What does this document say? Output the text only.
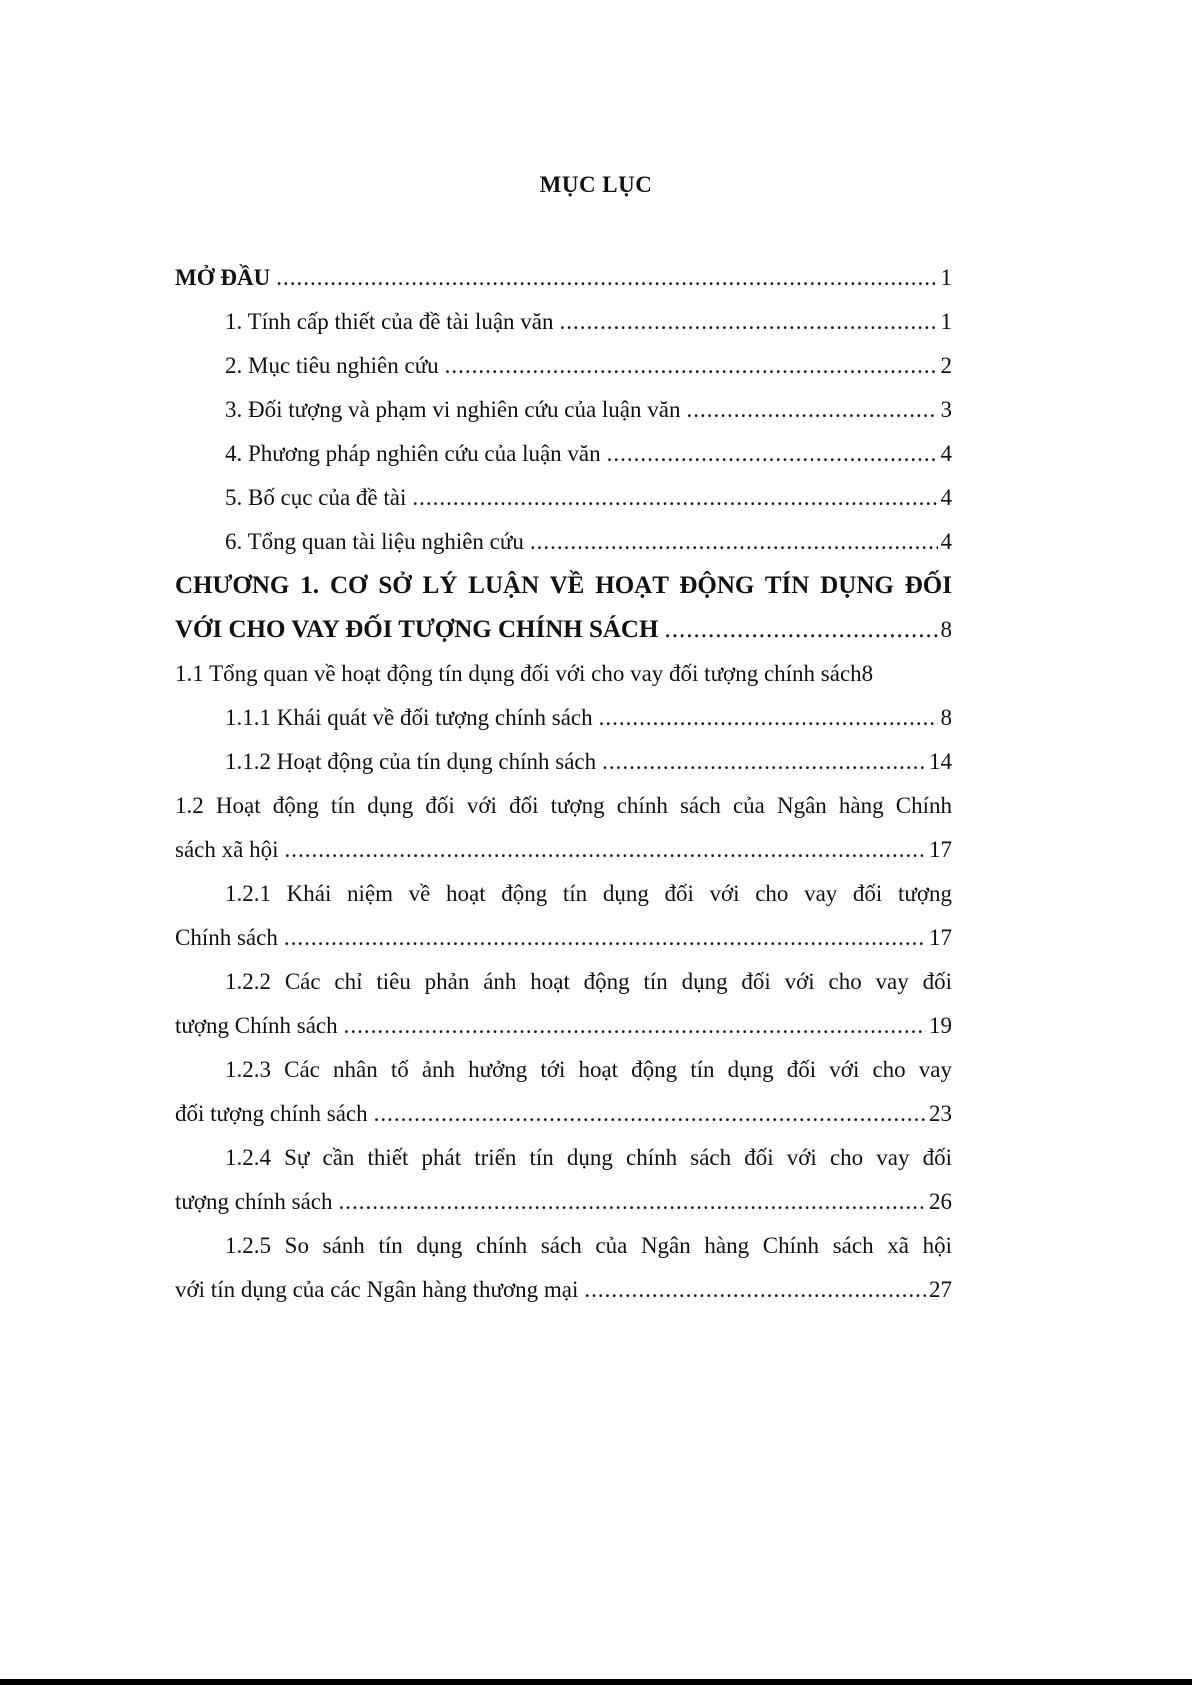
MỤC LỤC
MỞ ĐẦU .....	1
1. Tính cấp thiết của đề tài luận văn .....	1
2. Mục tiêu nghiên cứu .....	2
3. Đối tượng và phạm vi nghiên cứu của luận văn .....	3
4. Phương pháp nghiên cứu của luận văn .....	4
5. Bố cục của đề tài .....	4
6. Tổng quan tài liệu nghiên cứu .....	4
CHƯƠNG 1. CƠ SỞ LÝ LUẬN VỀ HOẠT ĐỘNG TÍN DỤNG ĐỐI
VỚI CHO VAY ĐỐI TƯỢNG CHÍNH SÁCH .....	8
1.1 Tổng quan về hoạt động tín dụng đối với cho vay đối tượng chính sách 8
1.1.1 Khái quát về đối tượng chính sách .....	8
1.1.2 Hoạt động của tín dụng chính sách .....	14
1.2 Hoạt động tín dụng đối với đối tượng chính sách của Ngân hàng Chính
sách xã hội .....	17
1.2.1 Khái niệm về hoạt động tín dụng đối với cho vay đối tượng
Chính sách .....	17
1.2.2 Các chỉ tiêu phản ánh hoạt động tín dụng đối với cho vay đối
tượng Chính sách .....	19
1.2.3 Các nhân tố ảnh hưởng tới hoạt động tín dụng đối với cho vay
đối tượng chính sách .....	23
1.2.4 Sự cần thiết phát triển tín dụng chính sách đối với cho vay đối
tượng chính sách .....	26
1.2.5 So sánh tín dụng chính sách của Ngân hàng Chính sách xã hội
với tín dụng của các Ngân hàng thương mại .....	27
